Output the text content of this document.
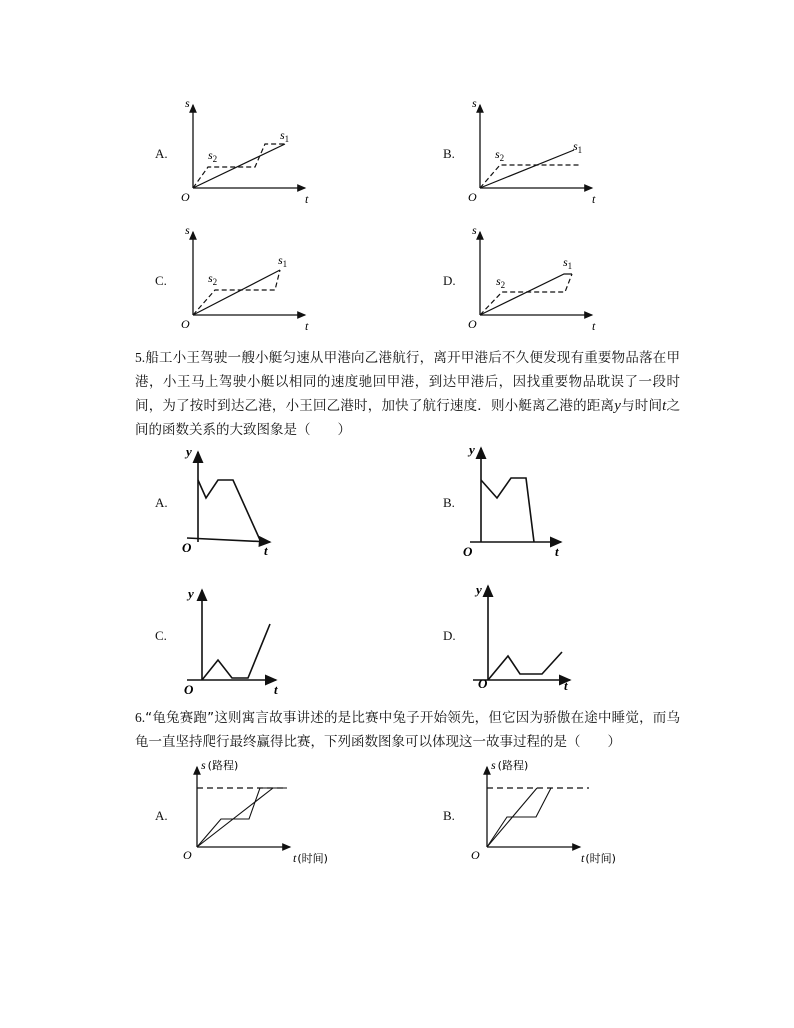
A.
s
t
O
$s_1$
$s_2$	B.
s
t
O
$s_1$
$s_2$
C.
s
t
O
$s_1$
$s_2$	D.
s
t
O
$s_1$
$s_2$

5.船工小王驾驶一艘小艇匀速从甲港向乙港航行，离开甲港后不久便发现有重要物品落在甲港，小王马上驾驶小艇以相同的速度驰回甲港，到达甲港后，因找重要物品耽误了一段时间，为了按时到达乙港，小王回乙港时，加快了航行速度．则小艇离乙港的距离y与时间t之间的函数关系的大致图象是（　　）

A.
y
t
O
B.
y
t
O
C.
y
t
O
D.
y
t
O

6.“龟兔赛跑”这则寓言故事讲述的是比赛中兔子开始领先，但它因为骄傲在途中睡觉，而乌龟一直坚持爬行最终赢得比赛，下列函数图象可以体现这一故事过程的是（　　）

A.
s (路程)
t(时间)
O
B.
s (路程)
t(时间)
O
